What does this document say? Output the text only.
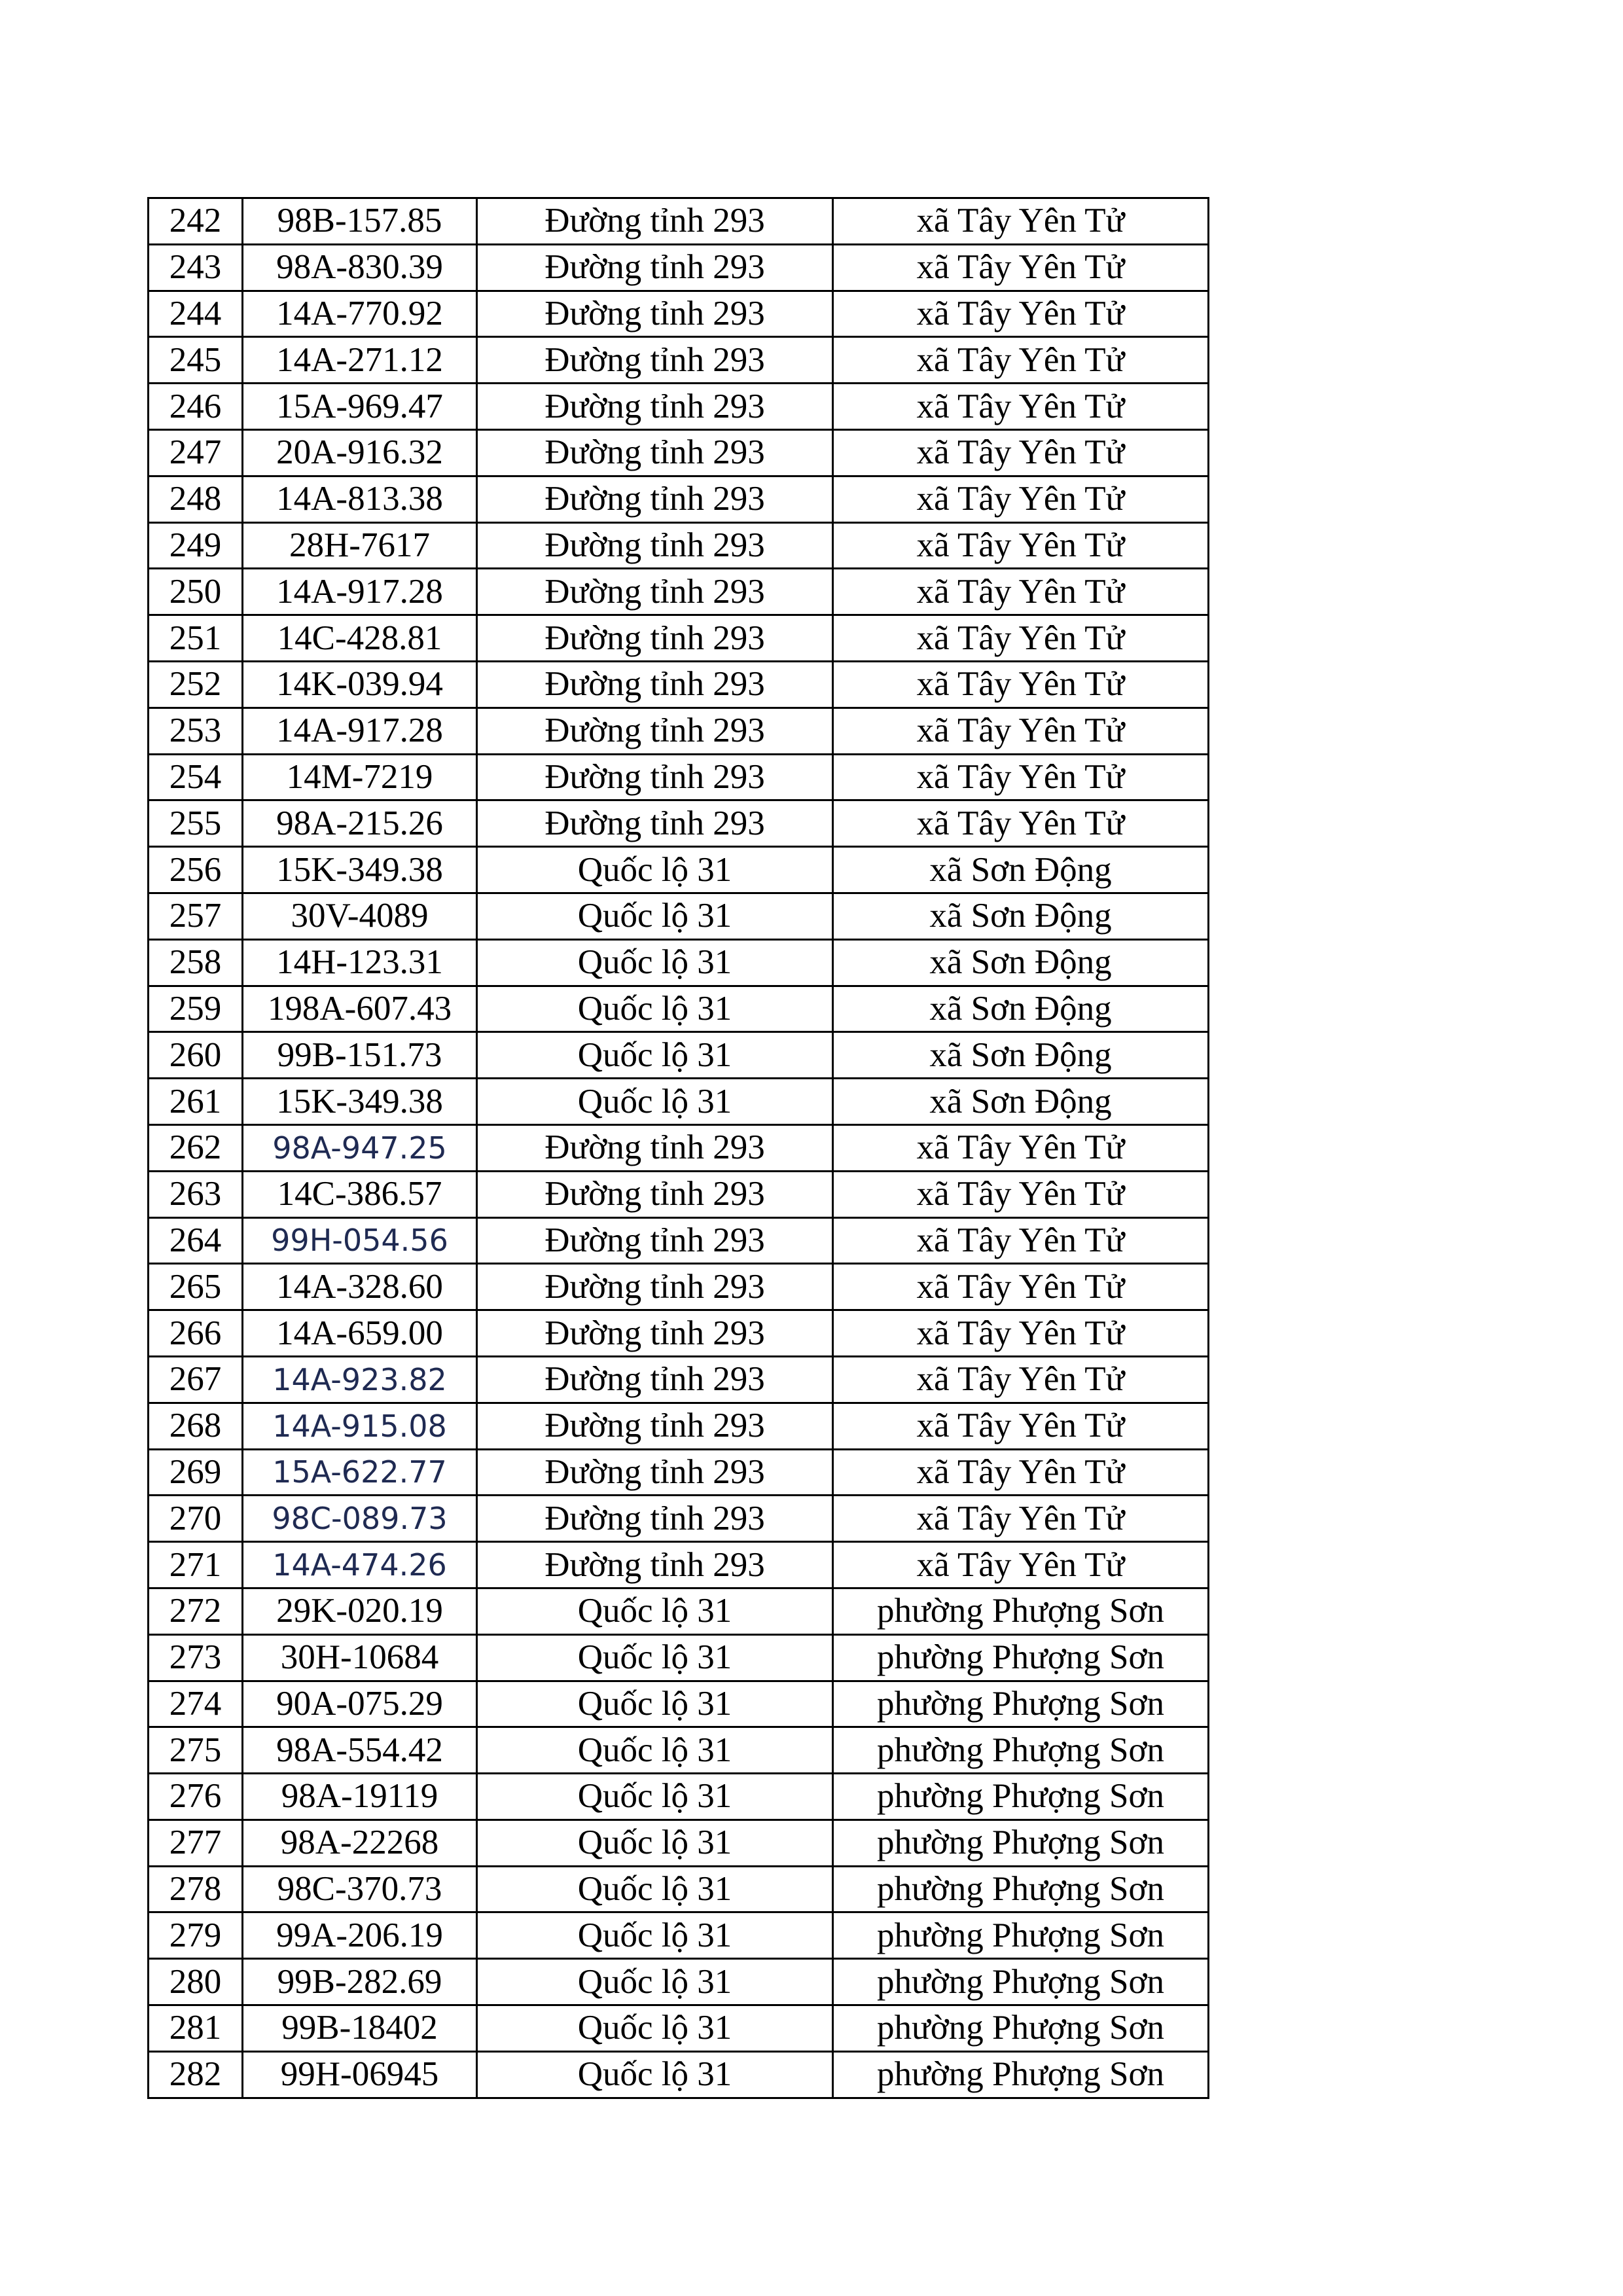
242	98B-157.85	Đường tỉnh 293	xã Tây Yên Tử
243	98A-830.39	Đường tỉnh 293	xã Tây Yên Tử
244	14A-770.92	Đường tỉnh 293	xã Tây Yên Tử
245	14A-271.12	Đường tỉnh 293	xã Tây Yên Tử
246	15A-969.47	Đường tỉnh 293	xã Tây Yên Tử
247	20A-916.32	Đường tỉnh 293	xã Tây Yên Tử
248	14A-813.38	Đường tỉnh 293	xã Tây Yên Tử
249	28H-7617	Đường tỉnh 293	xã Tây Yên Tử
250	14A-917.28	Đường tỉnh 293	xã Tây Yên Tử
251	14C-428.81	Đường tỉnh 293	xã Tây Yên Tử
252	14K-039.94	Đường tỉnh 293	xã Tây Yên Tử
253	14A-917.28	Đường tỉnh 293	xã Tây Yên Tử
254	14M-7219	Đường tỉnh 293	xã Tây Yên Tử
255	98A-215.26	Đường tỉnh 293	xã Tây Yên Tử
256	15K-349.38	Quốc lộ 31	xã Sơn Động
257	30V-4089	Quốc lộ 31	xã Sơn Động
258	14H-123.31	Quốc lộ 31	xã Sơn Động
259	198A-607.43	Quốc lộ 31	xã Sơn Động
260	99B-151.73	Quốc lộ 31	xã Sơn Động
261	15K-349.38	Quốc lộ 31	xã Sơn Động
262	98A-947.25	Đường tỉnh 293	xã Tây Yên Tử
263	14C-386.57	Đường tỉnh 293	xã Tây Yên Tử
264	99H-054.56	Đường tỉnh 293	xã Tây Yên Tử
265	14A-328.60	Đường tỉnh 293	xã Tây Yên Tử
266	14A-659.00	Đường tỉnh 293	xã Tây Yên Tử
267	14A-923.82	Đường tỉnh 293	xã Tây Yên Tử
268	14A-915.08	Đường tỉnh 293	xã Tây Yên Tử
269	15A-622.77	Đường tỉnh 293	xã Tây Yên Tử
270	98C-089.73	Đường tỉnh 293	xã Tây Yên Tử
271	14A-474.26	Đường tỉnh 293	xã Tây Yên Tử
272	29K-020.19	Quốc lộ 31	phường Phượng Sơn
273	30H-10684	Quốc lộ 31	phường Phượng Sơn
274	90A-075.29	Quốc lộ 31	phường Phượng Sơn
275	98A-554.42	Quốc lộ 31	phường Phượng Sơn
276	98A-19119	Quốc lộ 31	phường Phượng Sơn
277	98A-22268	Quốc lộ 31	phường Phượng Sơn
278	98C-370.73	Quốc lộ 31	phường Phượng Sơn
279	99A-206.19	Quốc lộ 31	phường Phượng Sơn
280	99B-282.69	Quốc lộ 31	phường Phượng Sơn
281	99B-18402	Quốc lộ 31	phường Phượng Sơn
282	99H-06945	Quốc lộ 31	phường Phượng Sơn
